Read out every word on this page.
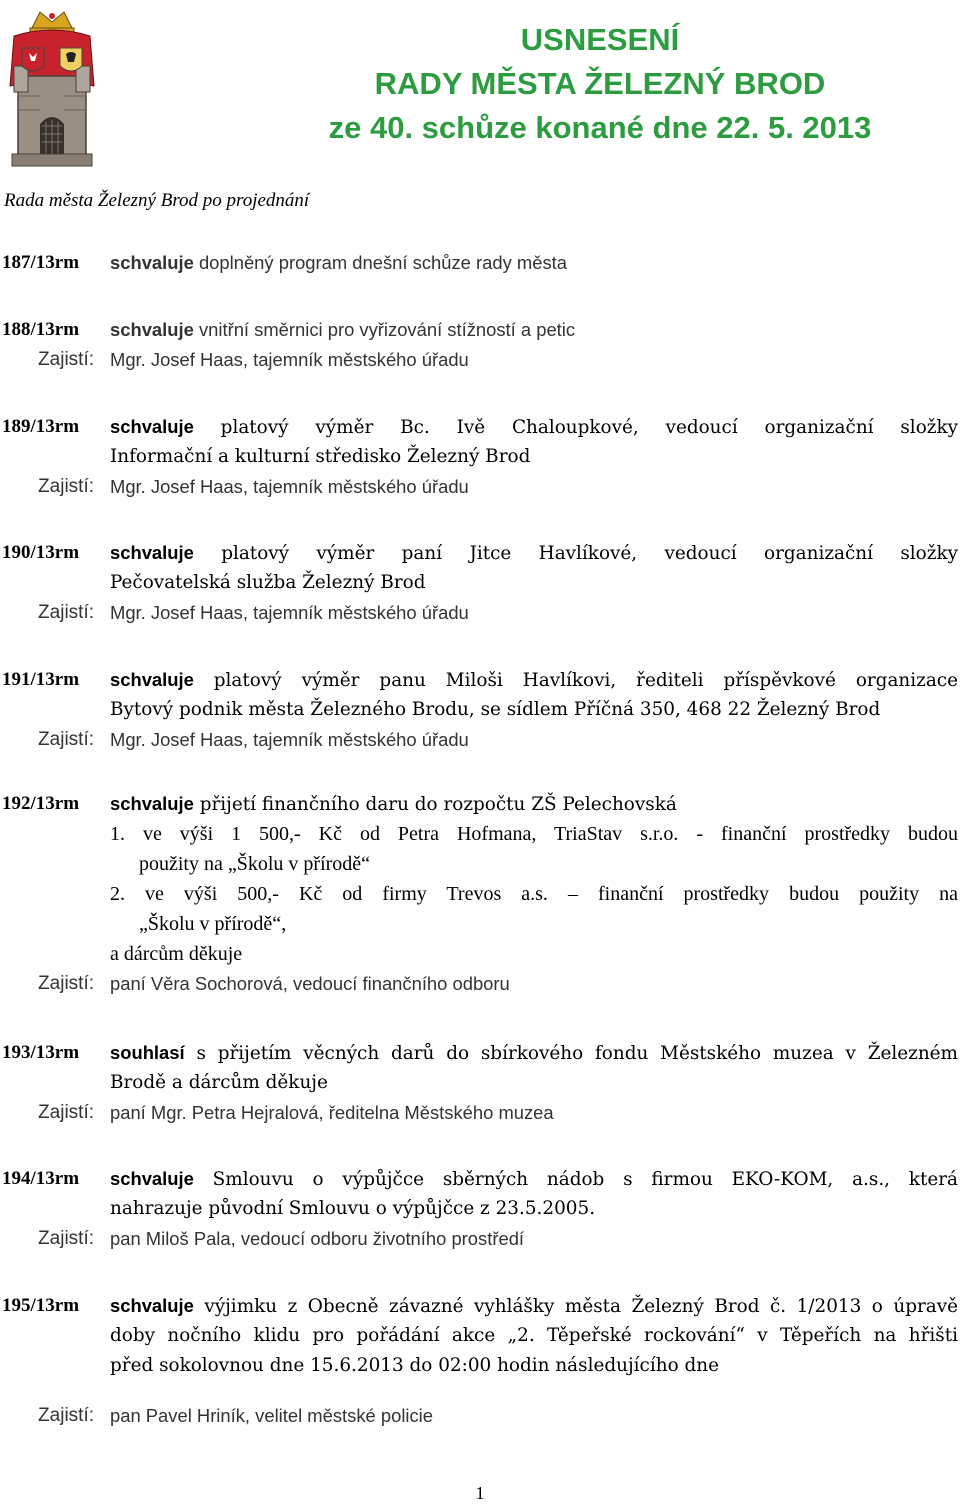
USNESENÍ
RADY MĚSTA ŽELEZNÝ BROD
ze 40. schůze konané dne 22. 5. 2013
Rada města Železný Brod po projednání
187/13rm schvaluje doplněný program dnešní schůze rady města
188/13rm schvaluje vnitřní směrnici pro vyřizování stížností a petic
Zajistí: Mgr. Josef Haas, tajemník městského úřadu
189/13rm schvaluje platový výměr Bc. Ivě Chaloupkové, vedoucí organizační složky
Informační a kulturní středisko Železný Brod
Zajistí: Mgr. Josef Haas, tajemník městského úřadu
190/13rm schvaluje platový výměr paní Jitce Havlíkové, vedoucí organizační složky
Pečovatelská služba Železný Brod
Zajistí: Mgr. Josef Haas, tajemník městského úřadu
191/13rm schvaluje platový výměr panu Miloši Havlíkovi, řediteli příspěvkové organizace
Bytový podnik města Železného Brodu, se sídlem Příčná 350, 468 22 Železný Brod
Zajistí: Mgr. Josef Haas, tajemník městského úřadu
192/13rm schvaluje přijetí finančního daru do rozpočtu ZŠ Pelechovská
1. ve výši 1 500,- Kč od Petra Hofmana, TriaStav s.r.o. - finanční prostředky budou
použity na „Školu v přírodě“
2. ve výši 500,- Kč od firmy Trevos a.s. – finanční prostředky budou použity na
„Školu v přírodě“,
a dárcům děkuje
Zajistí: paní Věra Sochorová, vedoucí finančního odboru
193/13rm souhlasí s přijetím věcných darů do sbírkového fondu Městského muzea v Železném
Brodě a dárcům děkuje
Zajistí: paní Mgr. Petra Hejralová, ředitelna Městského muzea
194/13rm schvaluje Smlouvu o výpůjčce sběrných nádob s firmou EKO-KOM, a.s., která
nahrazuje původní Smlouvu o výpůjčce z 23.5.2005.
Zajistí: pan Miloš Pala, vedoucí odboru životního prostředí
195/13rm schvaluje výjimku z Obecně závazné vyhlášky města Železný Brod č. 1/2013 o úpravě
doby nočního klidu pro pořádání akce „2. Těpeřské rockování“ v Těpeřích na hřišti
před sokolovnou dne 15.6.2013 do 02:00 hodin následujícího dne
Zajistí: pan Pavel Hriník, velitel městské policie
1
